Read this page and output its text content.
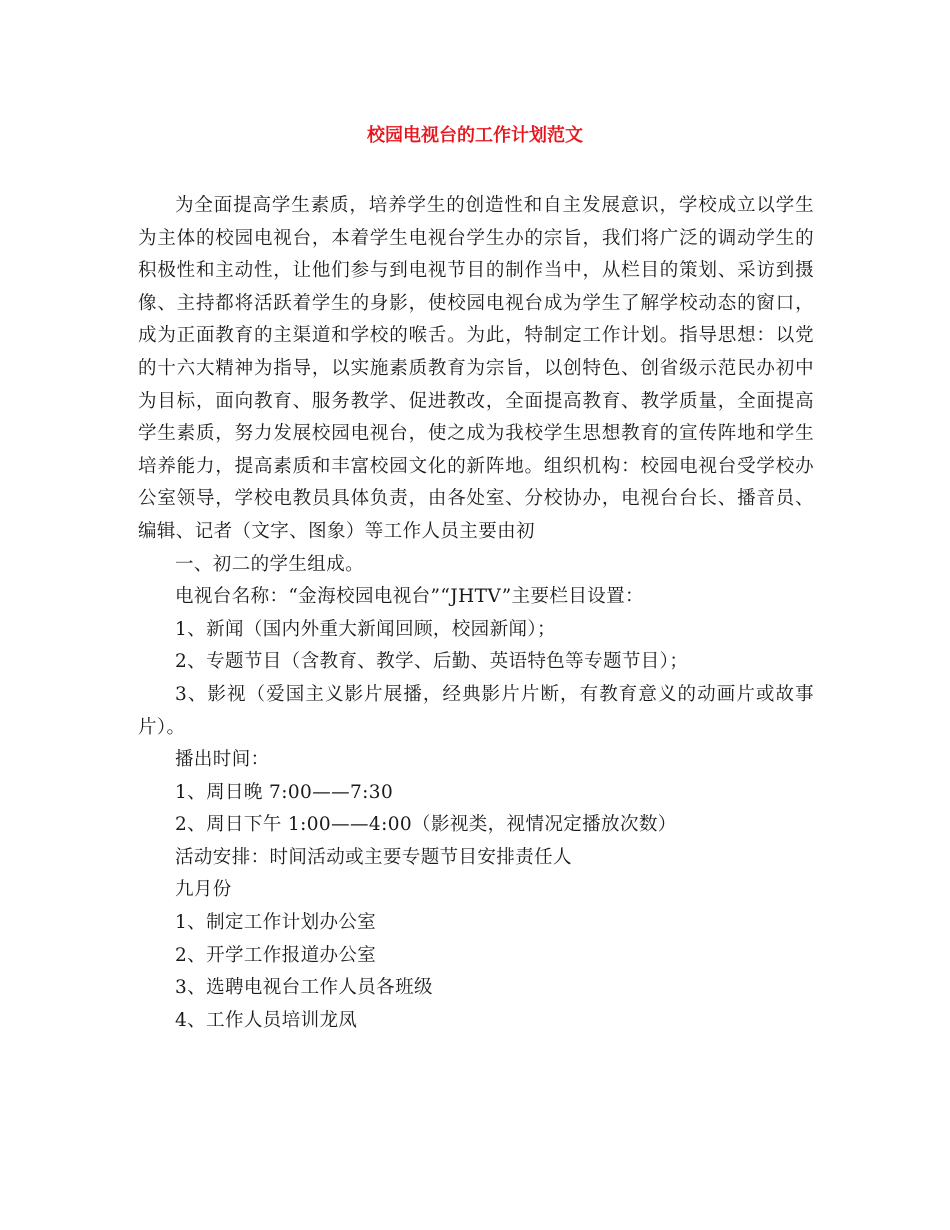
校园电视台的工作计划范文

为全面提高学生素质，培养学生的创造性和自主发展意识，学校成立以学生为主体的校园电视台，本着学生电视台学生办的宗旨，我们将广泛的调动学生的积极性和主动性，让他们参与到电视节目的制作当中，从栏目的策划、采访到摄像、主持都将活跃着学生的身影，使校园电视台成为学生了解学校动态的窗口，成为正面教育的主渠道和学校的喉舌。为此，特制定工作计划。指导思想：以党的十六大精神为指导，以实施素质教育为宗旨，以创特色、创省级示范民办初中为目标，面向教育、服务教学、促进教改，全面提高教育、教学质量，全面提高学生素质，努力发展校园电视台，使之成为我校学生思想教育的宣传阵地和学生培养能力，提高素质和丰富校园文化的新阵地。组织机构：校园电视台受学校办公室领导，学校电教员具体负责，由各处室、分校协办，电视台台长、播音员、编辑、记者（文字、图象）等工作人员主要由初

一、初二的学生组成。

电视台名称：“金海校园电视台”“JHTV”主要栏目设置：

1、新闻（国内外重大新闻回顾，校园新闻）；

2、专题节目（含教育、教学、后勤、英语特色等专题节目）；

3、影视（爱国主义影片展播，经典影片片断，有教育意义的动画片或故事片）。

播出时间：

1、周日晚 7:00——7:30

2、周日下午 1:00——4:00（影视类，视情况定播放次数）

活动安排：时间活动或主要专题节目安排责任人

九月份

1、制定工作计划办公室

2、开学工作报道办公室

3、选聘电视台工作人员各班级

4、工作人员培训龙凤
